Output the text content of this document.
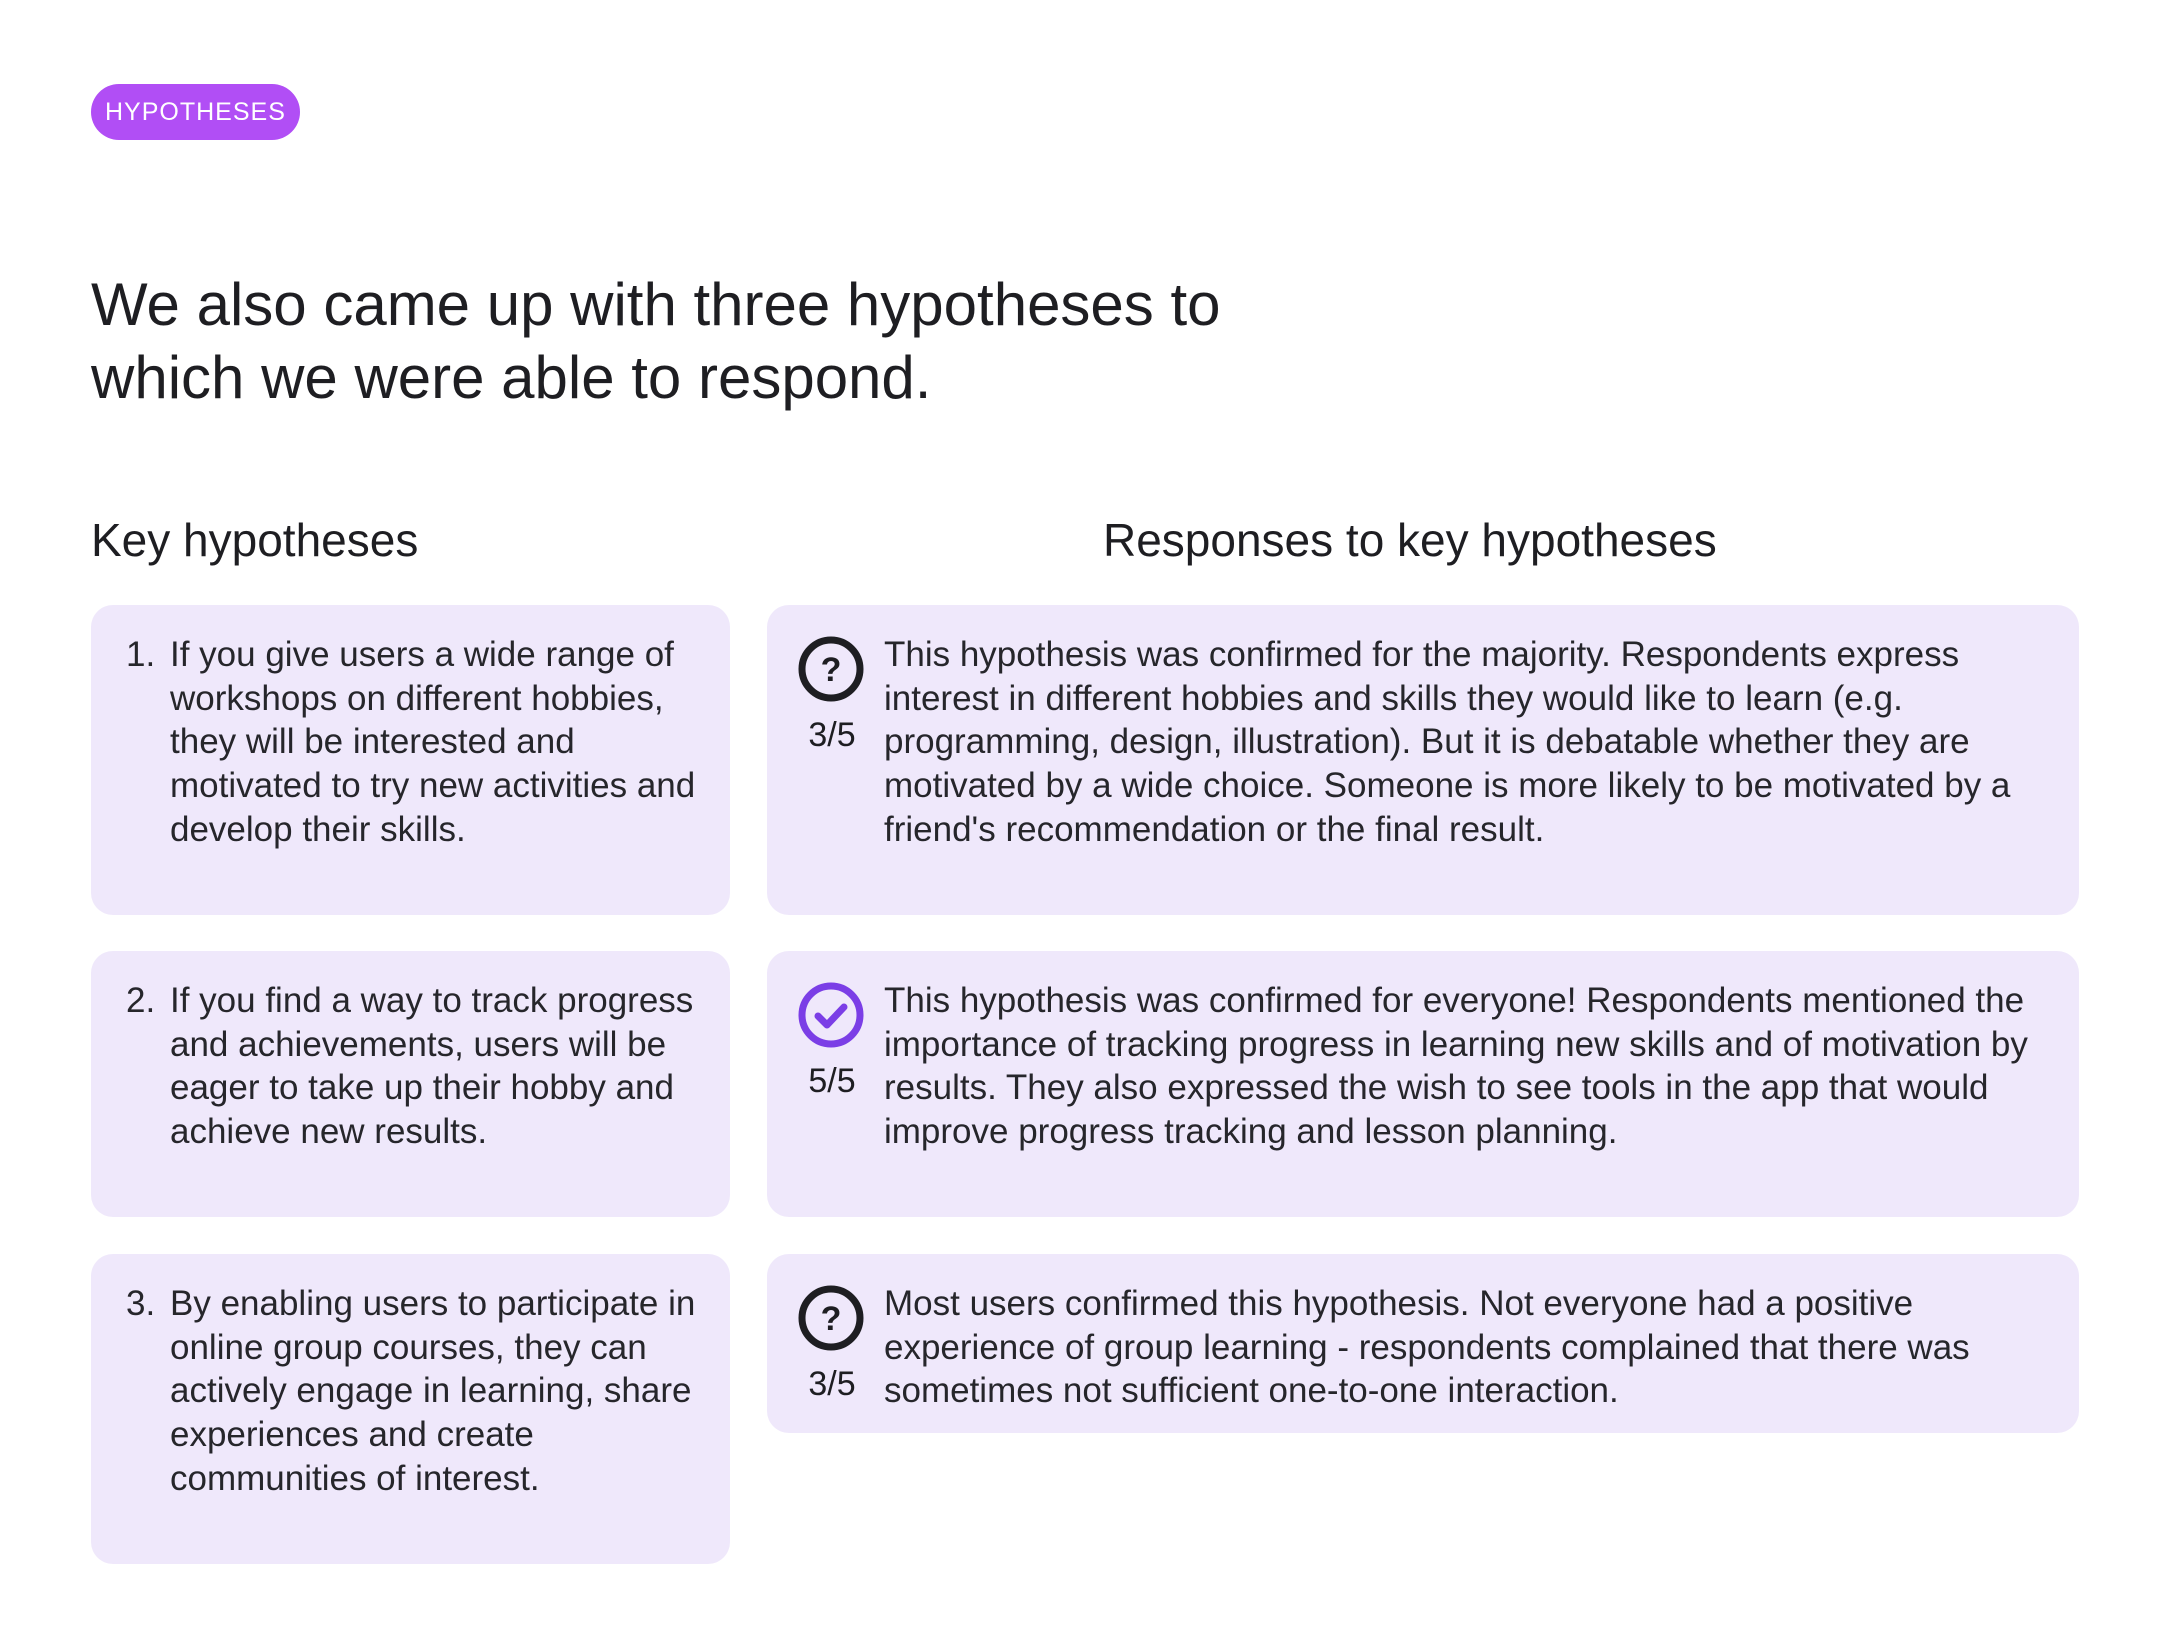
HYPOTHESES
We also came up with three hypotheses to
which we were able to respond.
Key hypotheses	Responses to key hypotheses
1. If you give users a wide range of workshops on different hobbies, they will be interested and motivated to try new activities and develop their skills.
2. If you find a way to track progress and achievements, users will be eager to take up their hobby and achieve new results.
3. By enabling users to participate in online group courses, they can actively engage in learning, share experiences and create communities of interest.
?
3/5
This hypothesis was confirmed for the majority. Respondents express interest in different hobbies and skills they would like to learn (e.g. programming, design, illustration). But it is debatable whether they are motivated by a wide choice. Someone is more likely to be motivated by a friend's recommendation or the final result.
5/5
This hypothesis was confirmed for everyone! Respondents mentioned the importance of tracking progress in learning new skills and of motivation by results. They also expressed the wish to see tools in the app that would improve progress tracking and lesson planning.
?
3/5
Most users confirmed this hypothesis. Not everyone had a positive experience of group learning - respondents complained that there was sometimes not sufficient one-to-one interaction.
